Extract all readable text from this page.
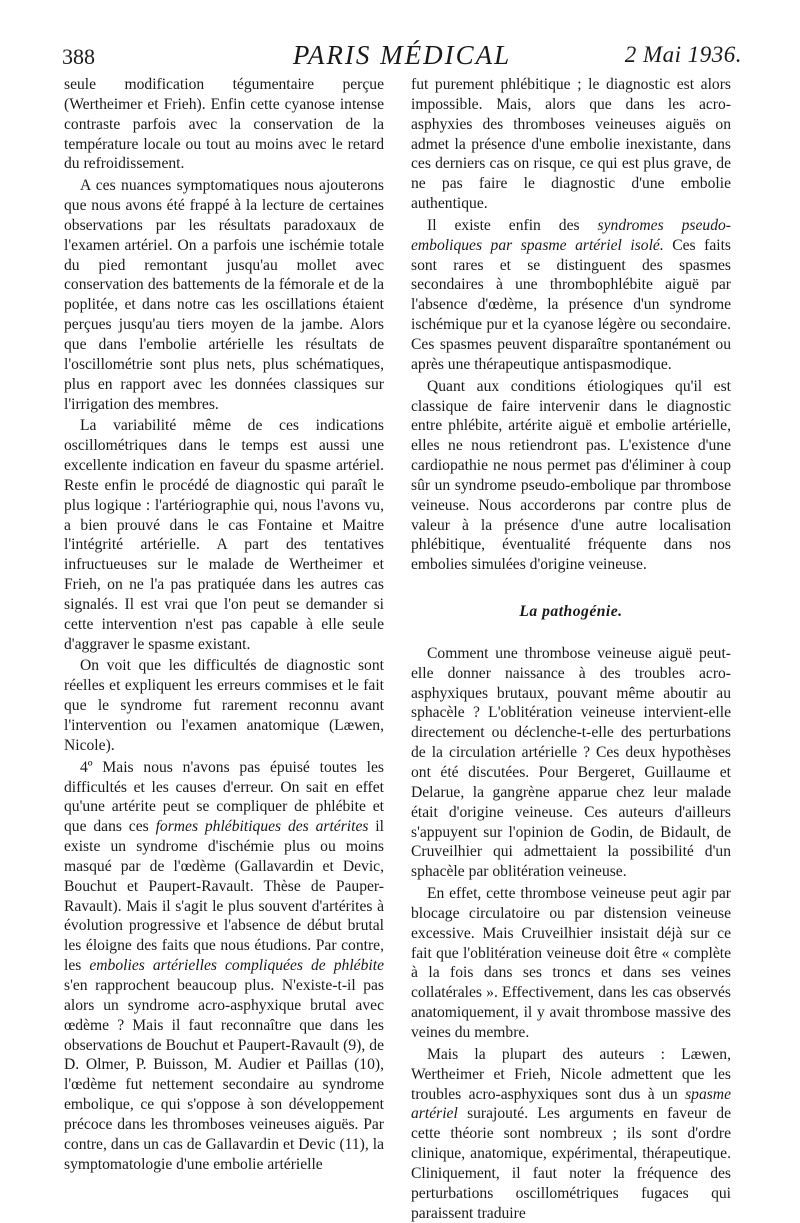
388	PARIS MÉDICAL	2 Mai 1936.

seule modification tégumentaire perçue (Wertheimer et Frieh). Enfin cette cyanose intense contraste parfois avec la conservation de la température locale ou tout au moins avec le retard du refroidissement.

A ces nuances symptomatiques nous ajouterons que nous avons été frappé à la lecture de certaines observations par les résultats paradoxaux de l'examen artériel. On a parfois une ischémie totale du pied remontant jusqu'au mollet avec conservation des battements de la fémorale et de la poplitée, et dans notre cas les oscillations étaient perçues jusqu'au tiers moyen de la jambe. Alors que dans l'embolie artérielle les résultats de l'oscillométrie sont plus nets, plus schématiques, plus en rapport avec les données classiques sur l'irrigation des membres.

La variabilité même de ces indications oscillométriques dans le temps est aussi une excellente indication en faveur du spasme artériel. Reste enfin le procédé de diagnostic qui paraît le plus logique : l'artériographie qui, nous l'avons vu, a bien prouvé dans le cas Fontaine et Maitre l'intégrité artérielle. A part des tentatives infructueuses sur le malade de Wertheimer et Frieh, on ne l'a pas pratiquée dans les autres cas signalés. Il est vrai que l'on peut se demander si cette intervention n'est pas capable à elle seule d'aggraver le spasme existant.

On voit que les difficultés de diagnostic sont réelles et expliquent les erreurs commises et le fait que le syndrome fut rarement reconnu avant l'intervention ou l'examen anatomique (Læwen, Nicole).

4º Mais nous n'avons pas épuisé toutes les difficultés et les causes d'erreur. On sait en effet qu'une artérite peut se compliquer de phlébite et que dans ces formes phlébitiques des artérites il existe un syndrome d'ischémie plus ou moins masqué par de l'œdème (Gallavardin et Devic, Bouchut et Paupert-Ravault. Thèse de Pauper-Ravault). Mais il s'agit le plus souvent d'artérites à évolution progressive et l'absence de début brutal les éloigne des faits que nous étudions. Par contre, les embolies artérielles compliquées de phlébite s'en rapprochent beaucoup plus. N'existe-t-il pas alors un syndrome acro-asphyxique brutal avec œdème ? Mais il faut reconnaître que dans les observations de Bouchut et Paupert-Ravault (9), de D. Olmer, P. Buisson, M. Audier et Paillas (10), l'œdème fut nettement secondaire au syndrome embolique, ce qui s'oppose à son développement précoce dans les thromboses veineuses aiguës. Par contre, dans un cas de Gallavardin et Devic (11), la symptomatologie d'une embolie artérielle

fut purement phlébitique ; le diagnostic est alors impossible. Mais, alors que dans les acro-asphyxies des thromboses veineuses aiguës on admet la présence d'une embolie inexistante, dans ces derniers cas on risque, ce qui est plus grave, de ne pas faire le diagnostic d'une embolie authentique.

Il existe enfin des syndromes pseudo-emboliques par spasme artériel isolé. Ces faits sont rares et se distinguent des spasmes secondaires à une thrombophlébite aiguë par l'absence d'œdème, la présence d'un syndrome ischémique pur et la cyanose légère ou secondaire. Ces spasmes peuvent disparaître spontanément ou après une thérapeutique antispasmodique.

Quant aux conditions étiologiques qu'il est classique de faire intervenir dans le diagnostic entre phlébite, artérite aiguë et embolie artérielle, elles ne nous retiendront pas. L'existence d'une cardiopathie ne nous permet pas d'éliminer à coup sûr un syndrome pseudo-embolique par thrombose veineuse. Nous accorderons par contre plus de valeur à la présence d'une autre localisation phlébitique, éventualité fréquente dans nos embolies simulées d'origine veineuse.

La pathogénie.

Comment une thrombose veineuse aiguë peut-elle donner naissance à des troubles acro-asphyxiques brutaux, pouvant même aboutir au sphacèle ? L'oblitération veineuse intervient-elle directement ou déclenche-t-elle des perturbations de la circulation artérielle ? Ces deux hypothèses ont été discutées. Pour Bergeret, Guillaume et Delarue, la gangrène apparue chez leur malade était d'origine veineuse. Ces auteurs d'ailleurs s'appuyent sur l'opinion de Godin, de Bidault, de Cruveilhier qui admettaient la possibilité d'un sphacèle par oblitération veineuse.

En effet, cette thrombose veineuse peut agir par blocage circulatoire ou par distension veineuse excessive. Mais Cruveilhier insistait déjà sur ce fait que l'oblitération veineuse doit être « complète à la fois dans ses troncs et dans ses veines collatérales ». Effectivement, dans les cas observés anatomiquement, il y avait thrombose massive des veines du membre.

Mais la plupart des auteurs : Læwen, Wertheimer et Frieh, Nicole admettent que les troubles acro-asphyxiques sont dus à un spasme artériel surajouté. Les arguments en faveur de cette théorie sont nombreux ; ils sont d'ordre clinique, anatomique, expérimental, thérapeutique. Cliniquement, il faut noter la fréquence des perturbations oscillométriques fugaces qui paraissent traduire
